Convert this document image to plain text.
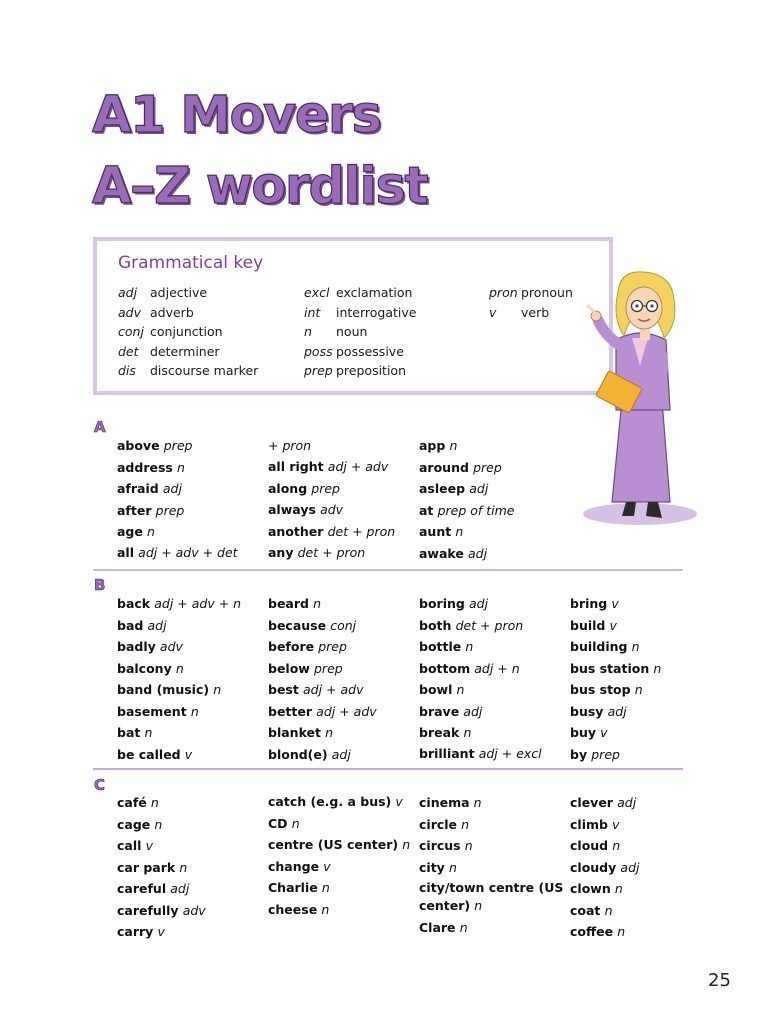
A1 Movers
A–Z wordlist
Grammatical key
adj adjective
adv adverb
conj conjunction
det determiner
dis discourse marker
excl exclamation
int interrogative
n noun
poss possessive
prep preposition
pron pronoun
v verb
A
above prep
address n
afraid adj
after prep
age n
all adj + adv + det
+ pron
all right adj + adv
along prep
always adv
another det + pron
any det + pron
app n
around prep
asleep adj
at prep of time
aunt n
awake adj
B
back adj + adv + n
bad adj
badly adv
balcony n
band (music) n
basement n
bat n
be called v
beard n
because conj
before prep
below prep
best adj + adv
better adj + adv
blanket n
blond(e) adj
boring adj
both det + pron
bottle n
bottom adj + n
bowl n
brave adj
break n
brilliant adj + excl
bring v
build v
building n
bus station n
bus stop n
busy adj
buy v
by prep
C
café n
cage n
call v
car park n
careful adj
carefully adv
carry v
catch (e.g. a bus) v
CD n
centre (US center) n
change v
Charlie n
cheese n
cinema n
circle n
circus n
city n
city/town centre (US center) n
Clare n
clever adj
climb v
cloud n
cloudy adj
clown n
coat n
coffee n
25
